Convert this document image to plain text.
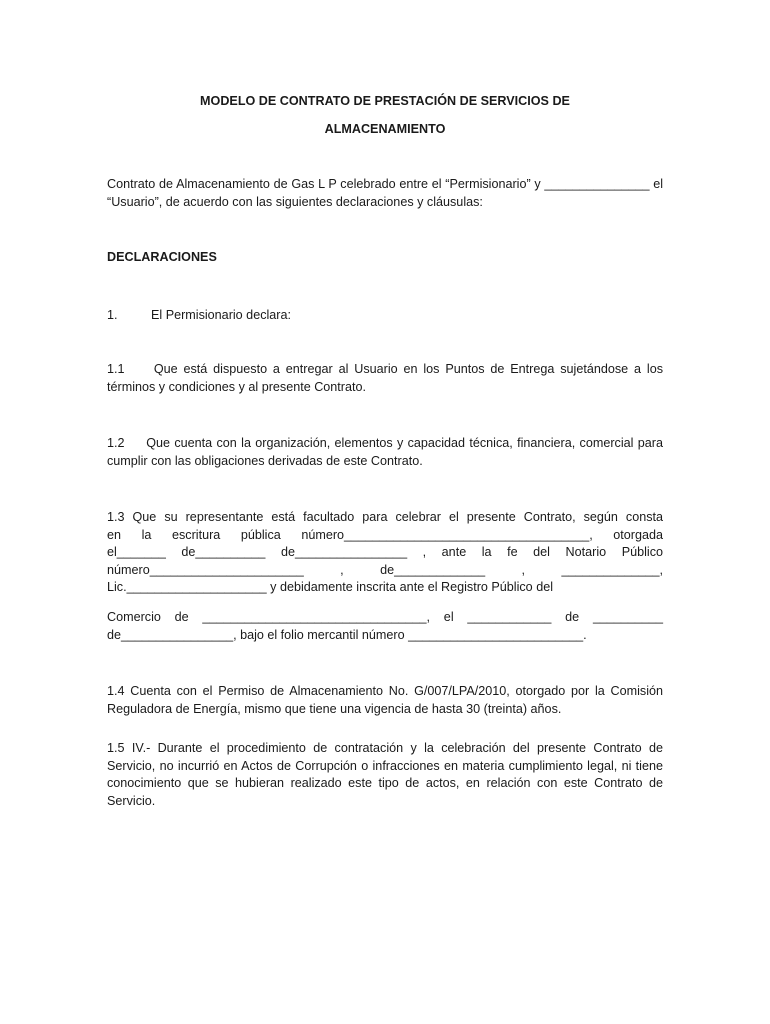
MODELO DE CONTRATO DE PRESTACIÓN DE SERVICIOS DE

ALMACENAMIENTO

Contrato de Almacenamiento de Gas L P celebrado entre el “Permisionario” y _______________ el “Usuario”, de acuerdo con las siguientes declaraciones y cláusulas:

DECLARACIONES

1.	El Permisionario declara:

1.1     Que está dispuesto a entregar al Usuario en los Puntos de Entrega sujetándose a los términos y condiciones y al presente Contrato.

1.2     Que cuenta con la organización, elementos y capacidad técnica, financiera, comercial para cumplir con las obligaciones derivadas de este Contrato.

1.3 Que su representante está facultado para celebrar el presente Contrato, según consta
en la escritura pública número___________________________________, otorgada
el_______ de__________ de________________ , ante la fe del Notario Público
número______________________ , de_____________ , ______________,
Lic.____________________ y debidamente inscrita ante el Registro Público del
Comercio de ________________________________, el ____________ de __________
de________________, bajo el folio mercantil número _________________________.

1.4 Cuenta con el Permiso de Almacenamiento No. G/007/LPA/2010, otorgado por la Comisión Reguladora de Energía, mismo que tiene una vigencia de hasta 30 (treinta) años.

1.5 IV.- Durante el procedimiento de contratación y la celebración del presente Contrato de Servicio, no incurrió en Actos de Corrupción o infracciones en materia cumplimiento legal, ni tiene conocimiento que se hubieran realizado este tipo de actos, en relación con este Contrato de Servicio.
